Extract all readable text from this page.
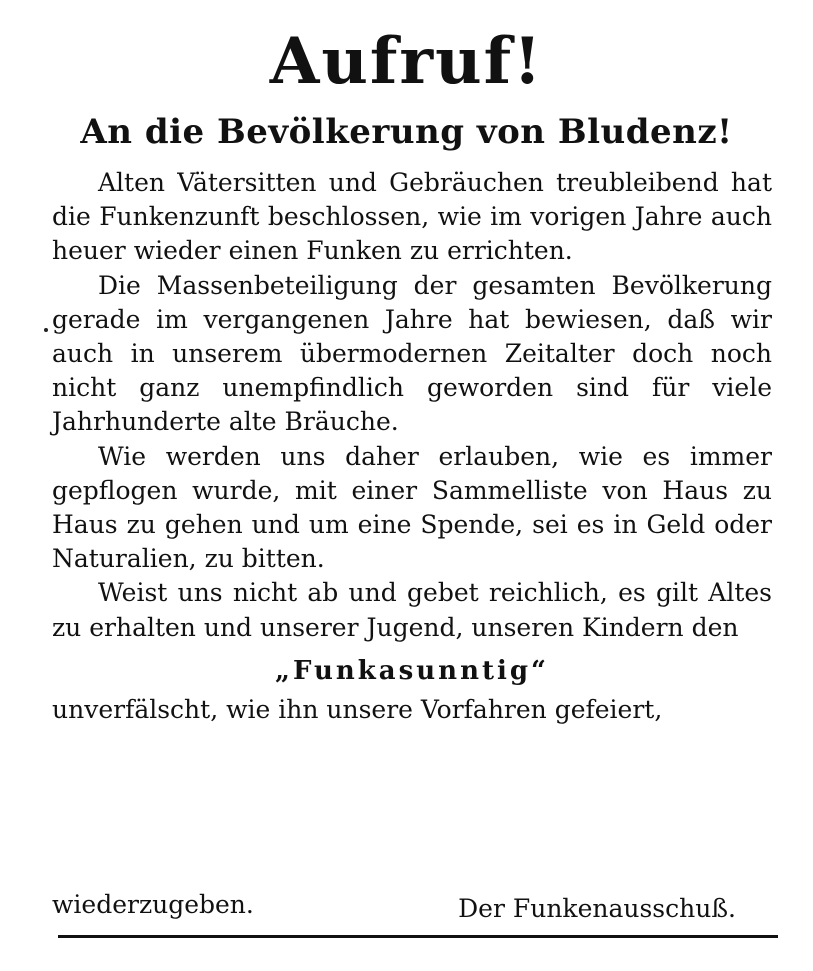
Aufruf!
An die Bevölkerung von Bludenz!

Alten Vätersitten und Gebräuchen treubleibend hat die Funkenzunft beschlossen, wie im vorigen Jahre auch heuer wieder einen Funken zu errichten.

Die Massenbeteiligung der gesamten Bevölkerung gerade im vergangenen Jahre hat bewiesen, daß wir auch in unserem übermodernen Zeitalter doch noch nicht ganz unempfindlich geworden sind für viele Jahrhunderte alte Bräuche.

Wie werden uns daher erlauben, wie es immer gepflogen wurde, mit einer Sammelliste von Haus zu Haus zu gehen und um eine Spende, sei es in Geld oder Naturalien, zu bitten.

Weist uns nicht ab und gebet reichlich, es gilt Altes zu erhalten und unserer Jugend, unseren Kindern den

„Funkasunntig“

unverfälscht, wie ihn unsere Vorfahren gefeiert,

wiederzugeben.	Der Funkenausschuß.
